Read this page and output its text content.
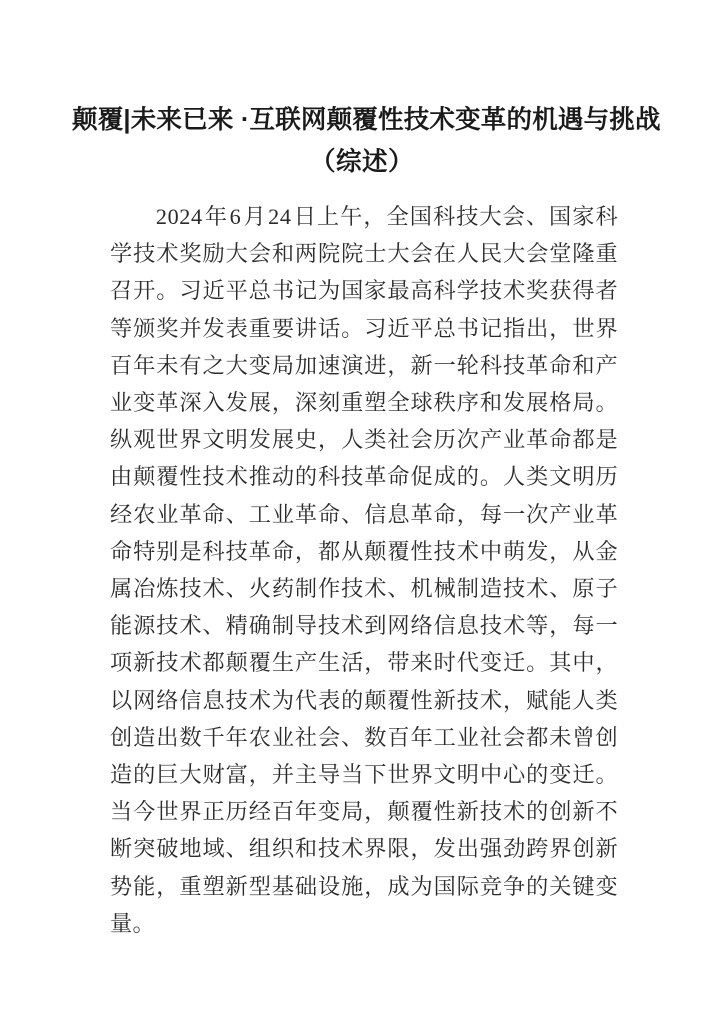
颠覆|未来已来 ·互联网颠覆性技术变革的机遇与挑战
（综述）

2024年6月24日上午，全国科技大会、国家科学技术奖励大会和两院院士大会在人民大会堂隆重召开。习近平总书记为国家最高科学技术奖获得者等颁奖并发表重要讲话。习近平总书记指出，世界百年未有之大变局加速演进，新一轮科技革命和产业变革深入发展，深刻重塑全球秩序和发展格局。纵观世界文明发展史，人类社会历次产业革命都是由颠覆性技术推动的科技革命促成的。人类文明历经农业革命、工业革命、信息革命，每一次产业革命特别是科技革命，都从颠覆性技术中萌发，从金属冶炼技术、火药制作技术、机械制造技术、原子能源技术、精确制导技术到网络信息技术等，每一项新技术都颠覆生产生活，带来时代变迁。其中，以网络信息技术为代表的颠覆性新技术，赋能人类创造出数千年农业社会、数百年工业社会都未曾创造的巨大财富，并主导当下世界文明中心的变迁。当今世界正历经百年变局，颠覆性新技术的创新不断突破地域、组织和技术界限，发出强劲跨界创新势能，重塑新型基础设施，成为国际竞争的关键变量。
